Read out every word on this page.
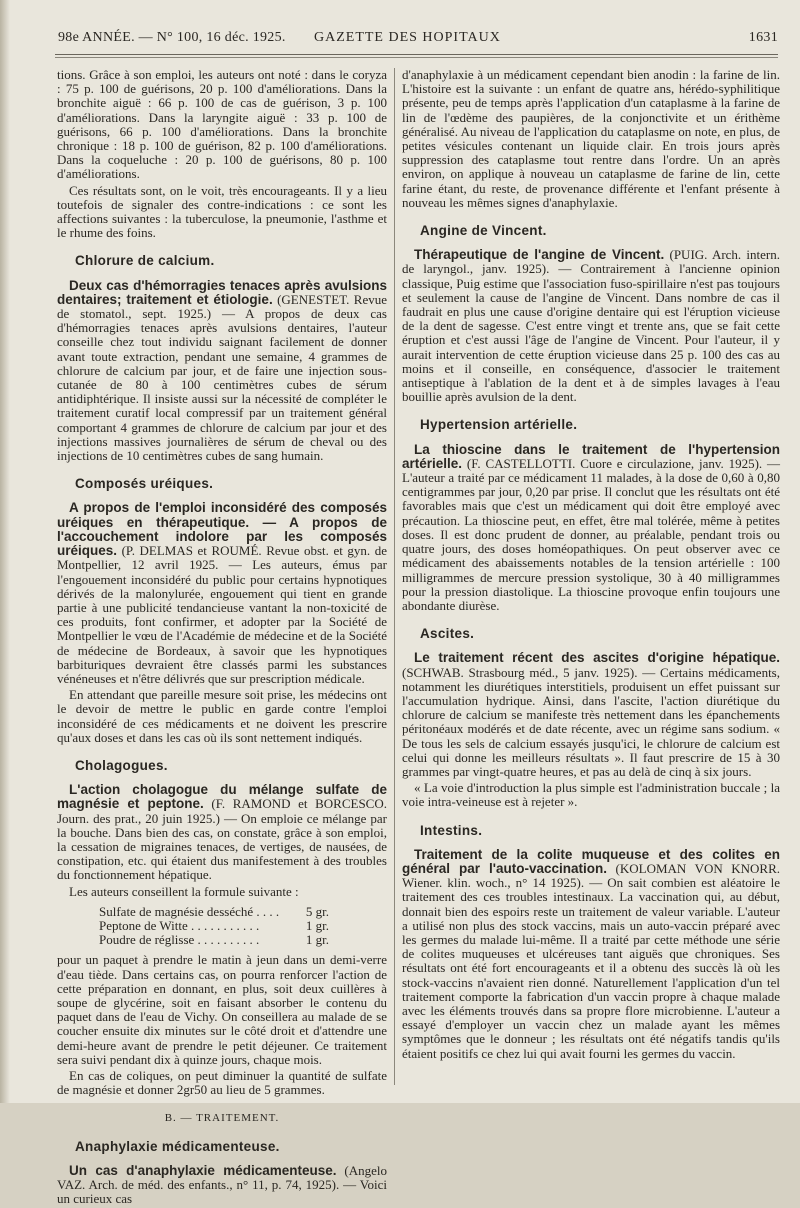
98e ANNÉE. — N° 100, 16 déc. 1925. GAZETTE DES HOPITAUX	1631

tions. Grâce à son emploi, les auteurs ont noté : dans le coryza : 75 p. 100 de guérisons, 20 p. 100 d'améliorations. Dans la bronchite aiguë : 66 p. 100 de cas de guérison, 3 p. 100 d'améliorations. Dans la laryngite aiguë : 33 p. 100 de guérisons, 66 p. 100 d'améliorations. Dans la bronchite chronique : 18 p. 100 de guérison, 82 p. 100 d'améliorations. Dans la coqueluche : 20 p. 100 de guérisons, 80 p. 100 d'améliorations.

Ces résultats sont, on le voit, très encourageants. Il y a lieu toutefois de signaler des contre-indications : ce sont les affections suivantes : la tuberculose, la pneumonie, l'asthme et le rhume des foins.

Chlorure de calcium.

Deux cas d'hémorragies tenaces après avulsions dentaires; traitement et étiologie. (GENESTET. Revue de stomatol., sept. 1925.) — A propos de deux cas d'hémorragies tenaces après avulsions dentaires, l'auteur conseille chez tout individu saignant facilement de donner avant toute extraction, pendant une semaine, 4 grammes de chlorure de calcium par jour, et de faire une injection sous-cutanée de 80 à 100 centimètres cubes de sérum antidiphtérique. Il insiste aussi sur la nécessité de compléter le traitement curatif local compressif par un traitement général comportant 4 grammes de chlorure de calcium par jour et des injections massives journalières de sérum de cheval ou des injections de 10 centimètres cubes de sang humain.

Composés uréiques.

A propos de l'emploi inconsidéré des composés uréiques en thérapeutique. — A propos de l'accouchement indolore par les composés uréiques. (P. DELMAS et ROUMÉ. Revue obst. et gyn. de Montpellier, 12 avril 1925. — Les auteurs, émus par l'engouement inconsidéré du public pour certains hypnotiques dérivés de la malonylurée, engouement qui tient en grande partie à une publicité tendancieuse vantant la non-toxicité de ces produits, font confirmer, et adopter par la Société de Montpellier le vœu de l'Académie de médecine et de la Société de médecine de Bordeaux, à savoir que les hypnotiques barbituriques devraient être classés parmi les substances vénéneuses et n'être délivrés que sur prescription médicale.

En attendant que pareille mesure soit prise, les médecins ont le devoir de mettre le public en garde contre l'emploi inconsidéré de ces médicaments et ne doivent les prescrire qu'aux doses et dans les cas où ils sont nettement indiqués.

Cholagogues.

L'action cholagogue du mélange sulfate de magnésie et peptone. (F. RAMOND et BORCESCO. Journ. des prat., 20 juin 1925.) — On emploie ce mélange par la bouche. Dans bien des cas, on constate, grâce à son emploi, la cessation de migraines tenaces, de vertiges, de nausées, de constipation, etc. qui étaient dus manifestement à des troubles du fonctionnement hépatique.

Les auteurs conseillent la formule suivante :

Sulfate de magnésie desséché . . . . 5 gr.
Peptone de Witte . . . . . . . . . . .	1 gr.
Poudre de réglisse . . . . . . . . . .	1 gr.

pour un paquet à prendre le matin à jeun dans un demi-verre d'eau tiède. Dans certains cas, on pourra renforcer l'action de cette préparation en donnant, en plus, soit deux cuillères à soupe de glycérine, soit en faisant absorber le contenu du paquet dans de l'eau de Vichy. On conseillera au malade de se coucher ensuite dix minutes sur le côté droit et d'attendre une demi-heure avant de prendre le petit déjeuner. Ce traitement sera suivi pendant dix à quinze jours, chaque mois.

En cas de coliques, on peut diminuer la quantité de sulfate de magnésie et donner 2gr50 au lieu de 5 grammes.

B. — TRAITEMENT.
Anaphylaxie médicamenteuse.

Un cas d'anaphylaxie médicamenteuse. (Angelo VAZ. Arch. de méd. des enfants., n° 11, p. 74, 1925). — Voici un curieux cas

d'anaphylaxie à un médicament cependant bien anodin : la farine de lin. L'histoire est la suivante : un enfant de quatre ans, hérédo-syphilitique présente, peu de temps après l'application d'un cataplasme à la farine de lin de l'œdème des paupières, de la conjonctivite et un érithème généralisé. Au niveau de l'application du cataplasme on note, en plus, de petites vésicules contenant un liquide clair. En trois jours après suppression des cataplasme tout rentre dans l'ordre. Un an après environ, on applique à nouveau un cataplasme de farine de lin, cette farine étant, du reste, de provenance différente et l'enfant présente à nouveau les mêmes signes d'anaphylaxie.

Angine de Vincent.

Thérapeutique de l'angine de Vincent. (PUIG. Arch. intern. de laryngol., janv. 1925). — Contrairement à l'ancienne opinion classique, Puig estime que l'association fuso-spirillaire n'est pas toujours et seulement la cause de l'angine de Vincent. Dans nombre de cas il faudrait en plus une cause d'origine dentaire qui est l'éruption vicieuse de la dent de sagesse. C'est entre vingt et trente ans, que se fait cette éruption et c'est aussi l'âge de l'angine de Vincent. Pour l'auteur, il y aurait intervention de cette éruption vicieuse dans 25 p. 100 des cas au moins et il conseille, en conséquence, d'associer le traitement antiseptique à l'ablation de la dent et à de simples lavages à l'eau bouillie après avulsion de la dent.

Hypertension artérielle.

La thioscine dans le traitement de l'hypertension artérielle. (F. CASTELLOTTI. Cuore e circulazione, janv. 1925). — L'auteur a traité par ce médicament 11 malades, à la dose de 0,60 à 0,80 centigrammes par jour, 0,20 par prise. Il conclut que les résultats ont été favorables mais que c'est un médicament qui doit être employé avec précaution. La thioscine peut, en effet, être mal tolérée, même à petites doses. Il est donc prudent de donner, au préalable, pendant trois ou quatre jours, des doses homéopathiques. On peut observer avec ce médicament des abaissements notables de la tension artérielle : 100 milligrammes de mercure pression systolique, 30 à 40 milligrammes pour la pression diastolique. La thioscine provoque enfin toujours une abondante diurèse.

Ascites.

Le traitement récent des ascites d'origine hépatique. (SCHWAB. Strasbourg méd., 5 janv. 1925). — Certains médicaments, notamment les diurétiques interstitiels, produisent un effet puissant sur l'accumulation hydrique. Ainsi, dans l'ascite, l'action diurétique du chlorure de calcium se manifeste très nettement dans les épanchements péritonéaux modérés et de date récente, avec un régime sans sodium. « De tous les sels de calcium essayés jusqu'ici, le chlorure de calcium est celui qui donne les meilleurs résultats ». Il faut prescrire de 15 à 30 grammes par vingt-quatre heures, et pas au delà de cinq à six jours.

« La voie d'introduction la plus simple est l'administration buccale ; la voie intra-veineuse est à rejeter ».

Intestins.

Traitement de la colite muqueuse et des colites en général par l'auto-vaccination. (KOLOMAN VON KNORR. Wiener. klin. woch., n° 14 1925). — On sait combien est aléatoire le traitement des ces troubles intestinaux. La vaccination qui, au début, donnait bien des espoirs reste un traitement de valeur variable. L'auteur a utilisé non plus des stock vaccins, mais un auto-vaccin préparé avec les germes du malade lui-même. Il a traité par cette méthode une série de colites muqueuses et ulcéreuses tant aiguës que chroniques. Ses résultats ont été fort encourageants et il a obtenu des succès là où les stock-vaccins n'avaient rien donné. Naturellement l'application d'un tel traitement comporte la fabrication d'un vaccin propre à chaque malade avec les éléments trouvés dans sa propre flore microbienne. L'auteur a essayé d'employer un vaccin chez un malade ayant les mêmes symptômes que le donneur ; les résultats ont été négatifs tandis qu'ils étaient positifs ce chez lui qui avait fourni les germes du vaccin.
